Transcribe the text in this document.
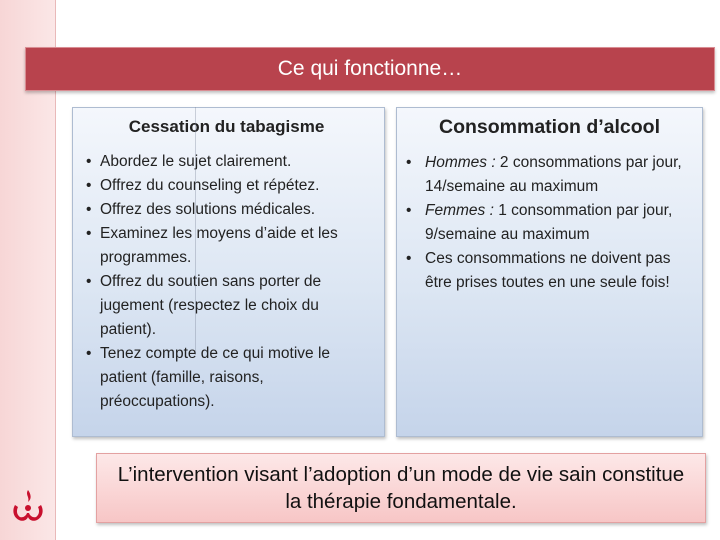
Ce qui fonctionne…
Cessation du tabagisme
• Abordez le sujet clairement.
• Offrez du counseling et répétez.
• Offrez des solutions médicales.
• Examinez les moyens d’aide et les programmes.
• Offrez du soutien sans porter de jugement (respectez le choix du patient).
• Tenez compte de ce qui motive le patient (famille, raisons, préoccupations).
Consommation d’alcool
• Hommes : 2 consommations par jour, 14/semaine au maximum
• Femmes : 1 consommation par jour, 9/semaine au maximum
• Ces consommations ne doivent pas être prises toutes en une seule fois!
L’intervention visant l’adoption d’un mode de vie sain constitue la thérapie fondamentale.
